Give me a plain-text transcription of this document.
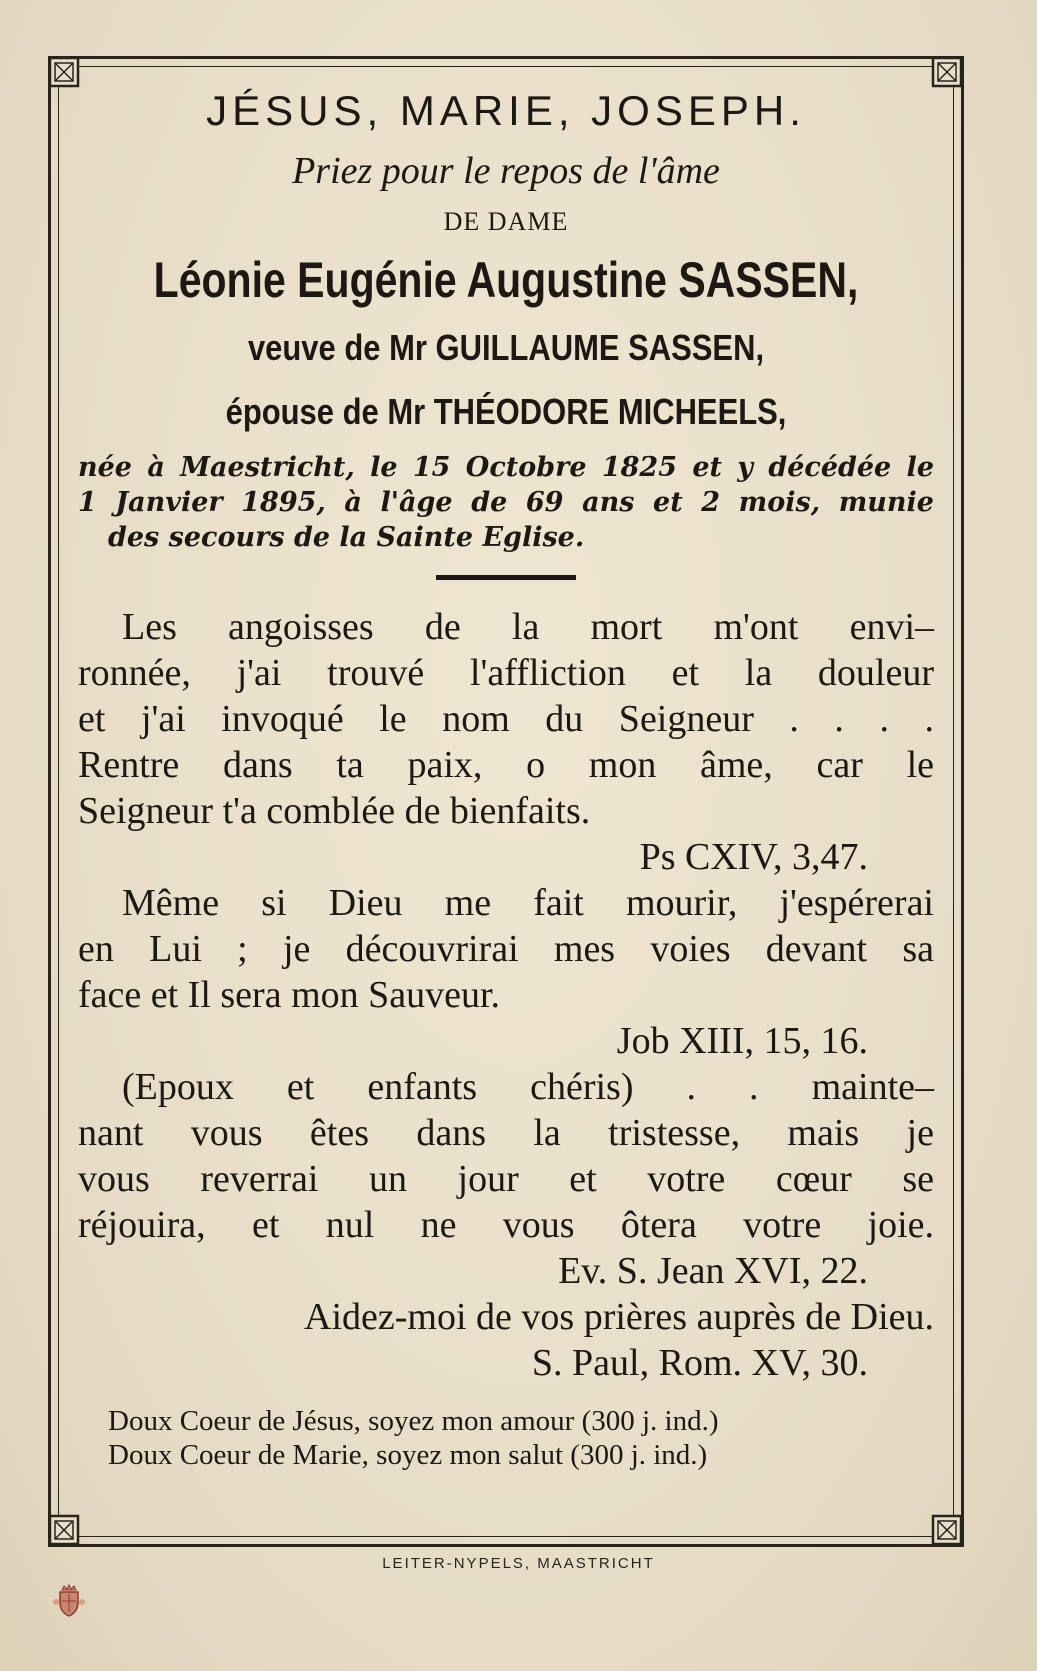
JÉSUS, MARIE, JOSEPH.

Priez pour le repos de l'âme

DE DAME

Léonie Eugénie Augustine SASSEN,

veuve de Mr GUILLAUME SASSEN,

épouse de Mr THÉODORE MICHEELS,

née à Maestricht, le 15 Octobre 1825 et y décédée le
1 Janvier 1895, à l'âge de 69 ans et 2 mois, munie
des secours de la Sainte Eglise.
Les angoisses de la mort m'ont envi–
ronnée, j'ai trouvé l'affliction et la douleur
et j'ai invoqué le nom du Seigneur . . . .
Rentre dans ta paix, o mon âme, car le
Seigneur t'a comblée de bienfaits.

Ps CXIV, 3,47.

Même si Dieu me fait mourir, j'espérerai
en Lui ; je découvrirai mes voies devant sa
face et Il sera mon Sauveur.

Job XIII, 15, 16.

(Epoux et enfants chéris) . . mainte–
nant vous êtes dans la tristesse, mais je
vous reverrai un jour et votre cœur se
réjouira, et nul ne vous ôtera votre joie.

Ev. S. Jean XVI, 22.

Aidez-moi de vos prières auprès de Dieu.

S. Paul, Rom. XV, 30.

Doux Coeur de Jésus, soyez mon amour (300 j. ind.)
Doux Coeur de Marie, soyez mon salut (300 j. ind.)
LEITER-NYPELS, MAASTRICHT
